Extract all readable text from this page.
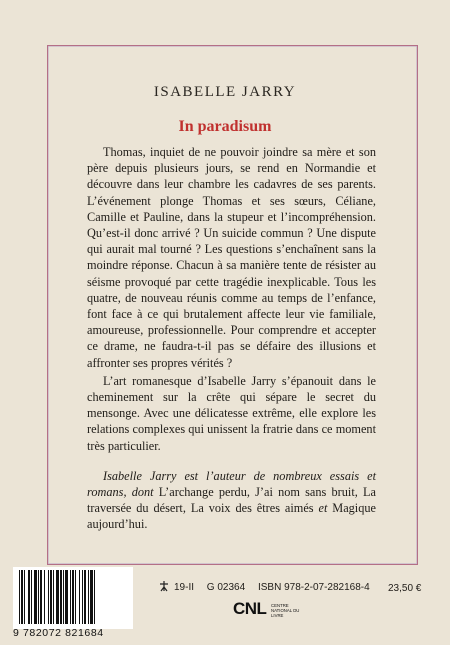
ISABELLE JARRY
In paradisum

Thomas, inquiet de ne pouvoir joindre sa mère et son père depuis plusieurs jours, se rend en Normandie et découvre dans leur chambre les cadavres de ses parents. L’événement plonge Thomas et ses sœurs, Céliane, Camille et Pauline, dans la stupeur et l’incompréhension. Qu’est-il donc arrivé ? Un suicide commun ? Une dispute qui aurait mal tourné ? Les questions s’enchaînent sans la moindre réponse. Chacun à sa manière tente de résister au séisme provoqué par cette tragédie inexplicable. Tous les quatre, de nouveau réunis comme au temps de l’enfance, font face à ce qui brutalement affecte leur vie familiale, amoureuse, professionnelle. Pour comprendre et accepter ce drame, ne faudra-t-il pas se défaire des illusions et affronter ses propres vérités ?

L’art romanesque d’Isabelle Jarry s’épanouit dans le cheminement sur la crête qui sépare le secret du mensonge. Avec une délicatesse extrême, elle explore les relations complexes qui unissent la fratrie dans ce moment très particulier.

Isabelle Jarry est l’auteur de nombreux essais et romans, dont L’archange perdu, J’ai nom sans bruit, La traversée du désert, La voix des êtres aimés et Magique aujourd’hui.

9 782072 821684
19-II G 02364 ISBN 978-2-07-282168-4	23,50 €
CNL CENTRE NATIONAL DU LIVRE
